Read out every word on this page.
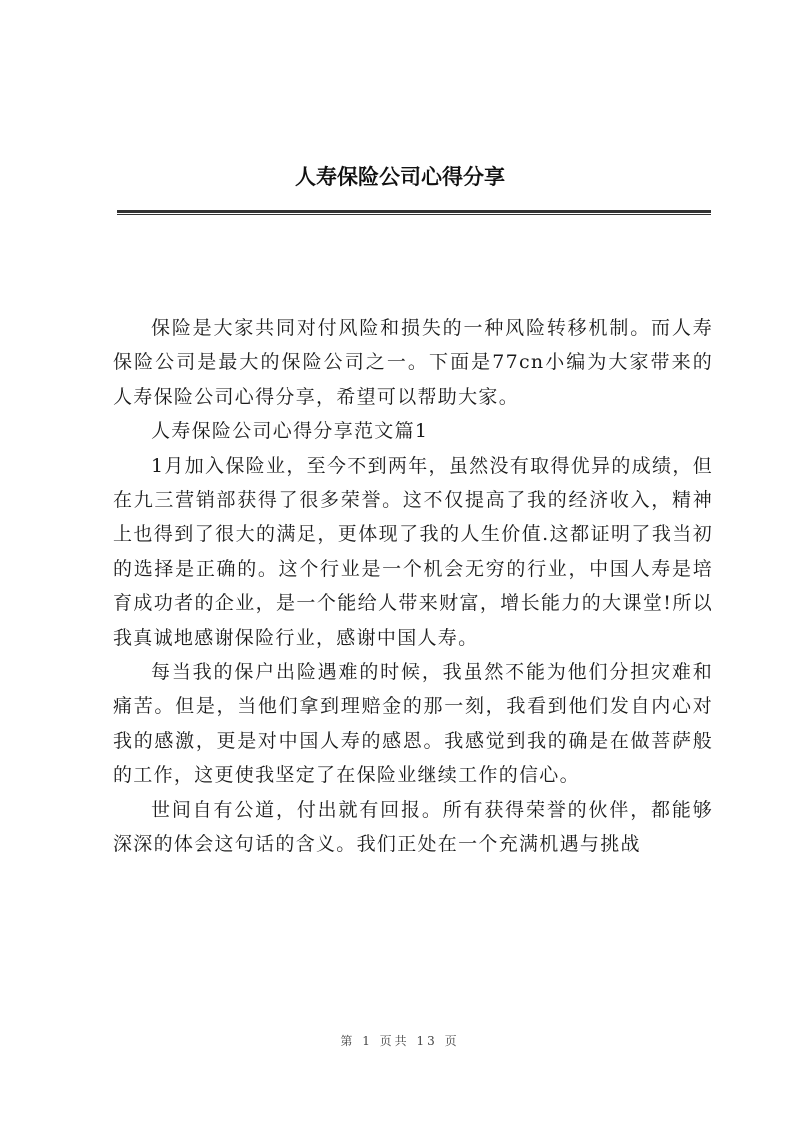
人寿保险公司心得分享

保险是大家共同对付风险和损失的一种风险转移机制。而人寿保险公司是最大的保险公司之一。下面是77cn小编为大家带来的人寿保险公司心得分享，希望可以帮助大家。

人寿保险公司心得分享范文篇1

1月加入保险业，至今不到两年，虽然没有取得优异的成绩，但在九三营销部获得了很多荣誉。这不仅提高了我的经济收入，精神上也得到了很大的满足，更体现了我的人生价值.这都证明了我当初的选择是正确的。这个行业是一个机会无穷的行业，中国人寿是培育成功者的企业，是一个能给人带来财富，增长能力的大课堂!所以我真诚地感谢保险行业，感谢中国人寿。

每当我的保户出险遇难的时候，我虽然不能为他们分担灾难和痛苦。但是，当他们拿到理赔金的那一刻，我看到他们发自内心对我的感激，更是对中国人寿的感恩。我感觉到我的确是在做菩萨般的工作，这更使我坚定了在保险业继续工作的信心。

世间自有公道，付出就有回报。所有获得荣誉的伙伴，都能够深深的体会这句话的含义。我们正处在一个充满机遇与挑战

第 1 页共 13 页
